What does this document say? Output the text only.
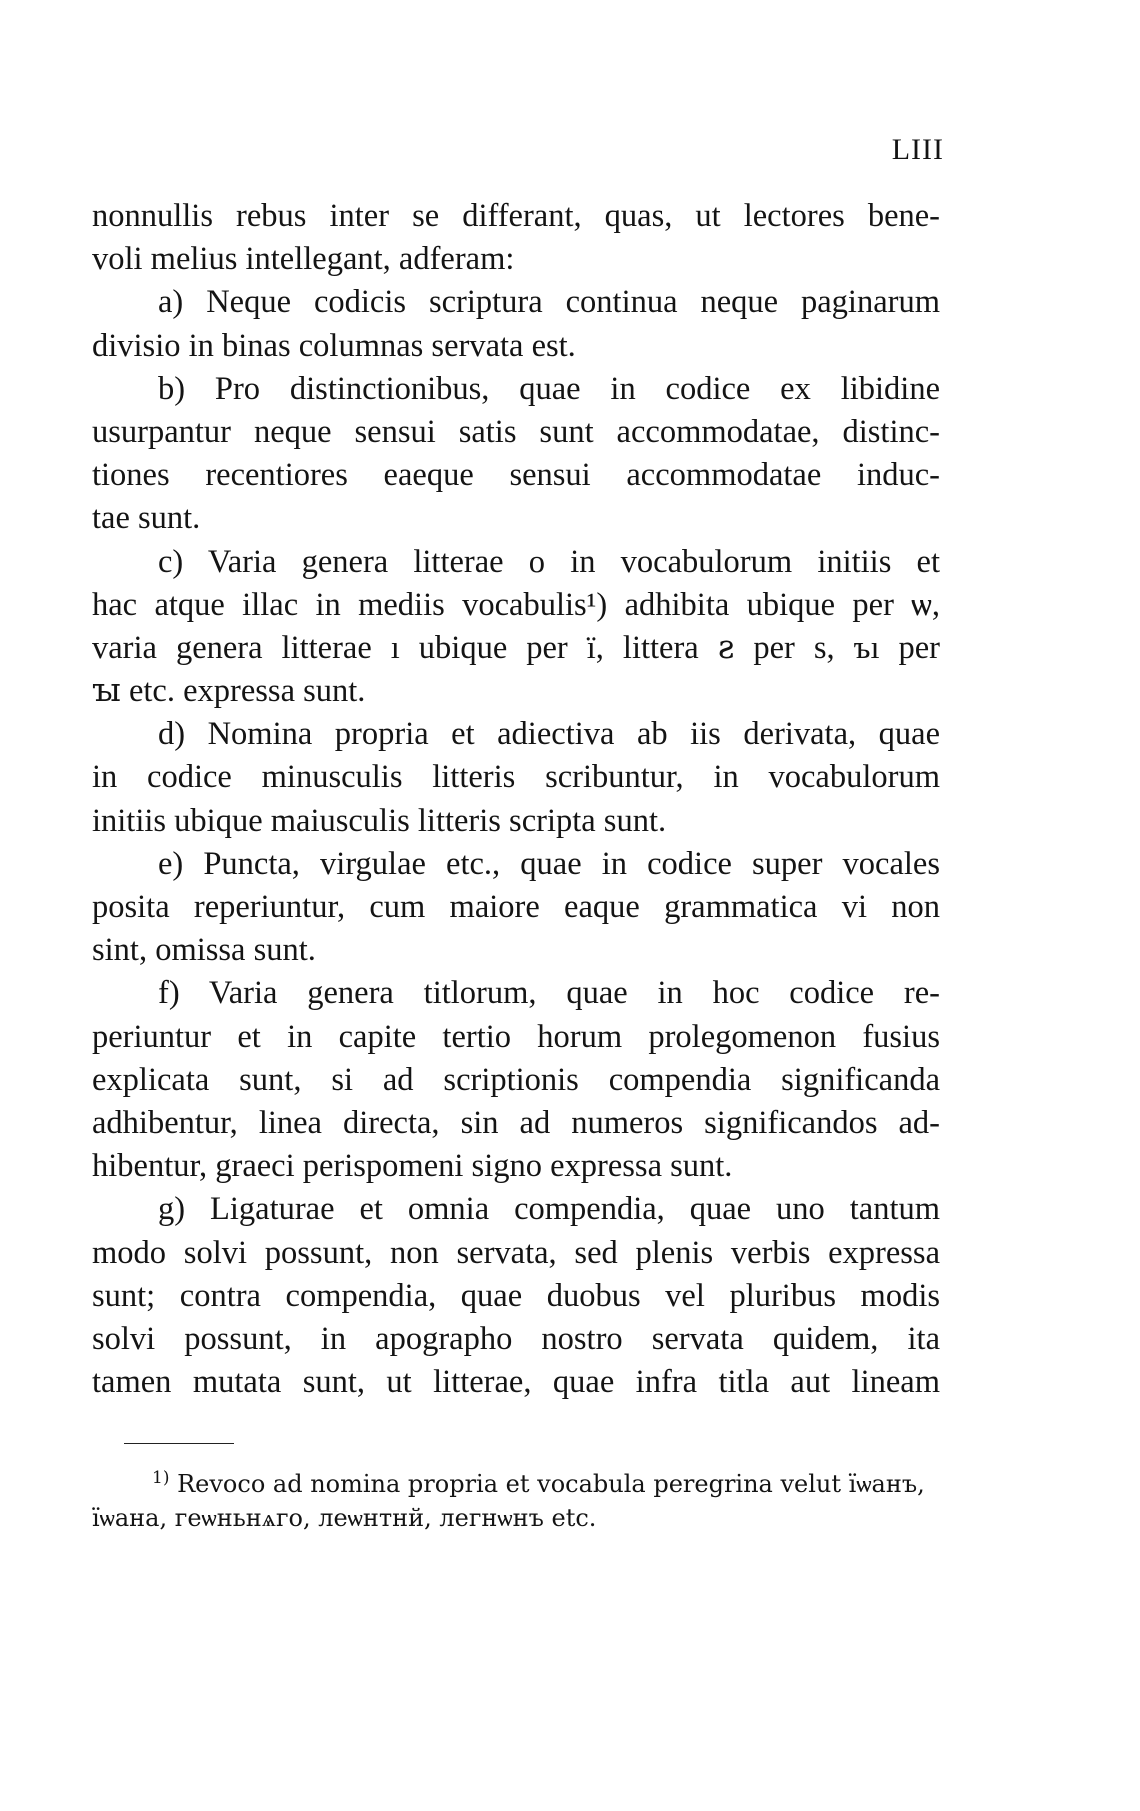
LIII
nonnullis rebus inter se differant, quas, ut lectores bene-
voli melius intellegant, adferam:
a) Neque codicis scriptura continua neque paginarum
divisio in binas columnas servata est.
b) Pro distinctionibus, quae in codice ex libidine
usurpantur neque sensui satis sunt accommodatae, distinc-
tiones recentiores eaeque sensui accommodatae induc-
tae sunt.
c) Varia genera litterae ο in vocabulorum initiis et
hac atque illac in mediis vocabulis¹) adhibita ubique per ѡ,
varia genera litterae ı ubique per ï, littera ꙅ per s, ъı per
ꙑ etc. expressa sunt.
d) Nomina propria et adiectiva ab iis derivata, quae
in codice minusculis litteris scribuntur, in vocabulorum
initiis ubique maiusculis litteris scripta sunt.
e) Puncta, virgulae etc., quae in codice super vocales
posita reperiuntur, cum maiore eaque grammatica vi non
sint, omissa sunt.
f) Varia genera titlorum, quae in hoc codice re-
periuntur et in capite tertio horum prolegomenon fusius
explicata sunt, si ad scriptionis compendia significanda
adhibentur, linea directa, sin ad numeros significandos ad-
hibentur, graeci perispomeni signo expressa sunt.
g) Ligaturae et omnia compendia, quae uno tantum
modo solvi possunt, non servata, sed plenis verbis expressa
sunt; contra compendia, quae duobus vel pluribus modis
solvi possunt, in apographo nostro servata quidem, ita
tamen mutata sunt, ut litterae, quae infra titla aut lineam
$^{1)}$ Revoco ad nomina propria et vocabula peregrina velut ïѡанъ,
ïѡана, геѡньнѧго, леѡнтнй, легнѡнъ etc.
